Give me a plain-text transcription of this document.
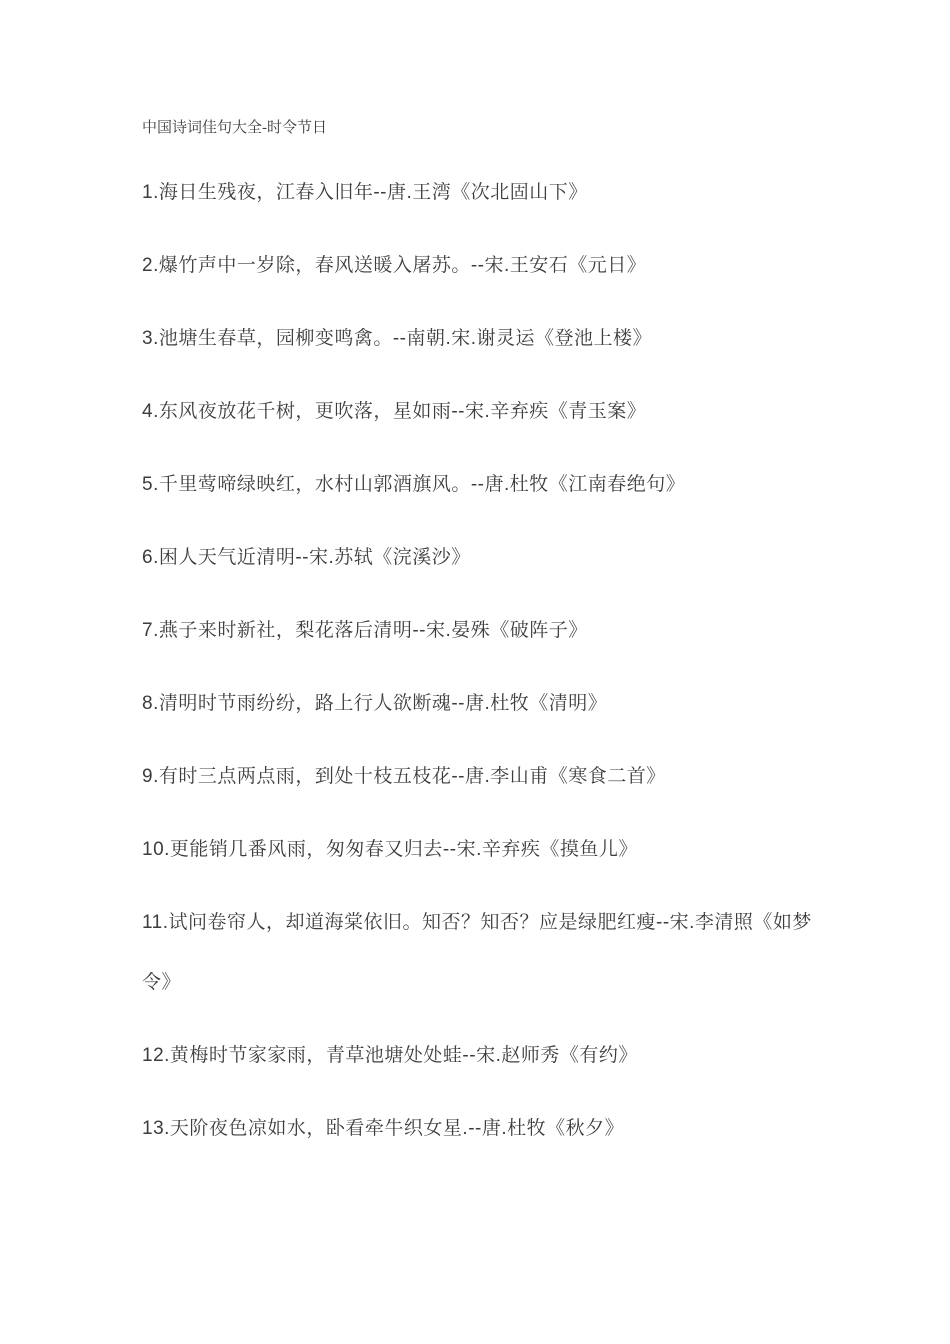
中国诗词佳句大全-时令节日

1.海日生残夜，江春入旧年--唐.王湾《次北固山下》

2.爆竹声中一岁除，春风送暖入屠苏。--宋.王安石《元日》

3.池塘生春草，园柳变鸣禽。--南朝.宋.谢灵运《登池上楼》

4.东风夜放花千树，更吹落，星如雨--宋.辛弃疾《青玉案》

5.千里莺啼绿映红，水村山郭酒旗风。--唐.杜牧《江南春绝句》

6.困人天气近清明--宋.苏轼《浣溪沙》

7.燕子来时新社，梨花落后清明--宋.晏殊《破阵子》

8.清明时节雨纷纷，路上行人欲断魂--唐.杜牧《清明》

9.有时三点两点雨，到处十枝五枝花--唐.李山甫《寒食二首》

10.更能销几番风雨，匆匆春又归去--宋.辛弃疾《摸鱼儿》

11.试问卷帘人，却道海棠依旧。知否？知否？应是绿肥红瘦--宋.李清照《如梦令》

12.黄梅时节家家雨，青草池塘处处蛙--宋.赵师秀《有约》

13.天阶夜色凉如水，卧看牵牛织女星.--唐.杜牧《秋夕》
